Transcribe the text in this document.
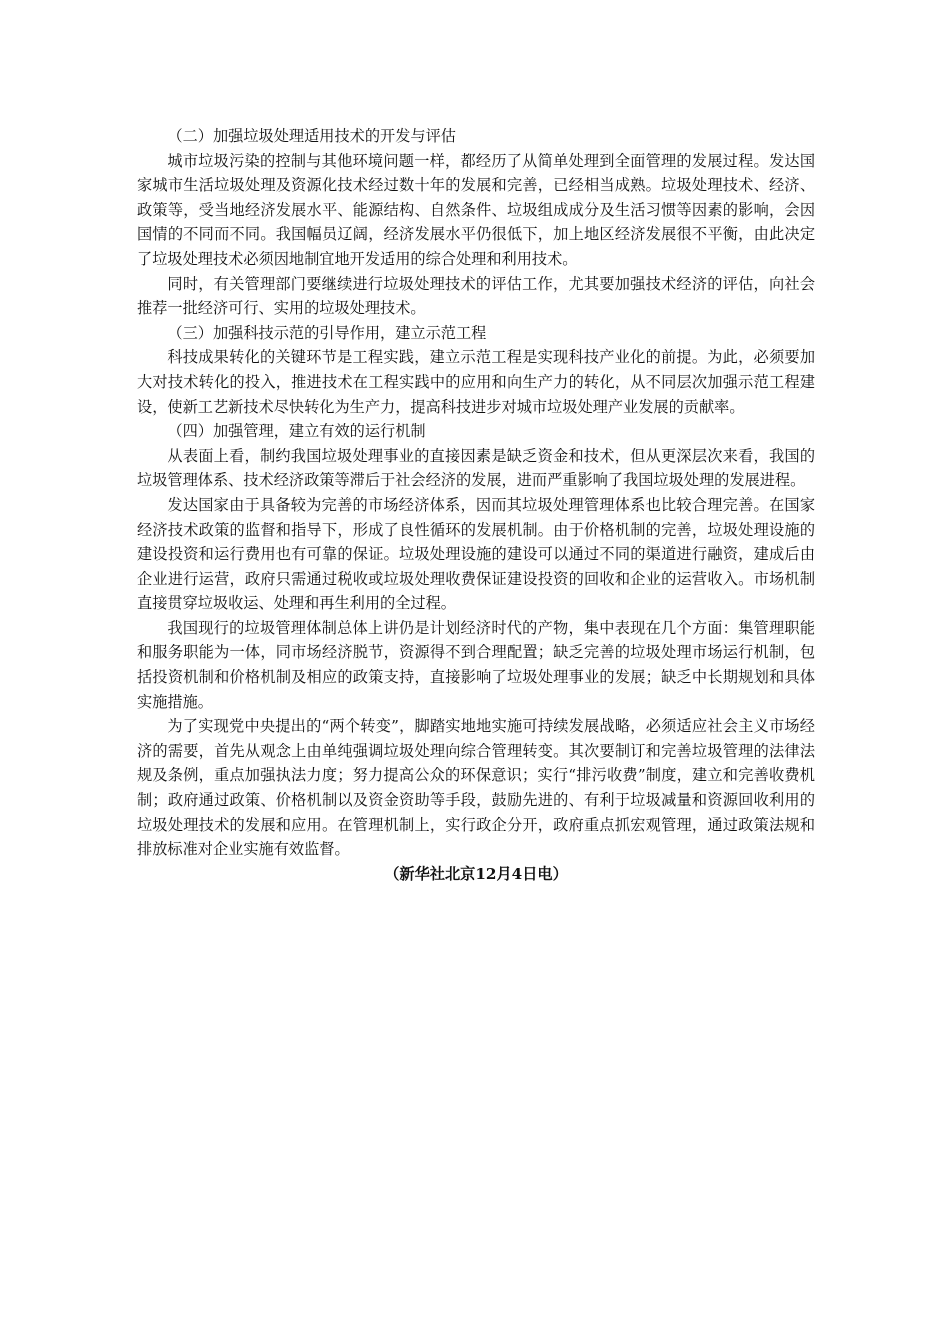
（二）加强垃圾处理适用技术的开发与评估

城市垃圾污染的控制与其他环境问题一样，都经历了从简单处理到全面管理的发展过程。发达国家城市生活垃圾处理及资源化技术经过数十年的发展和完善，已经相当成熟。垃圾处理技术、经济、政策等，受当地经济发展水平、能源结构、自然条件、垃圾组成成分及生活习惯等因素的影响，会因国情的不同而不同。我国幅员辽阔，经济发展水平仍很低下，加上地区经济发展很不平衡，由此决定了垃圾处理技术必须因地制宜地开发适用的综合处理和利用技术。

同时，有关管理部门要继续进行垃圾处理技术的评估工作，尤其要加强技术经济的评估，向社会推荐一批经济可行、实用的垃圾处理技术。

（三）加强科技示范的引导作用，建立示范工程

科技成果转化的关键环节是工程实践，建立示范工程是实现科技产业化的前提。为此，必须要加大对技术转化的投入，推进技术在工程实践中的应用和向生产力的转化，从不同层次加强示范工程建设，使新工艺新技术尽快转化为生产力，提高科技进步对城市垃圾处理产业发展的贡献率。

（四）加强管理，建立有效的运行机制

从表面上看，制约我国垃圾处理事业的直接因素是缺乏资金和技术，但从更深层次来看，我国的垃圾管理体系、技术经济政策等滞后于社会经济的发展，进而严重影响了我国垃圾处理的发展进程。

发达国家由于具备较为完善的市场经济体系，因而其垃圾处理管理体系也比较合理完善。在国家经济技术政策的监督和指导下，形成了良性循环的发展机制。由于价格机制的完善，垃圾处理设施的建设投资和运行费用也有可靠的保证。垃圾处理设施的建设可以通过不同的渠道进行融资，建成后由企业进行运营，政府只需通过税收或垃圾处理收费保证建设投资的回收和企业的运营收入。市场机制直接贯穿垃圾收运、处理和再生利用的全过程。

我国现行的垃圾管理体制总体上讲仍是计划经济时代的产物，集中表现在几个方面：集管理职能和服务职能为一体，同市场经济脱节，资源得不到合理配置；缺乏完善的垃圾处理市场运行机制，包括投资机制和价格机制及相应的政策支持，直接影响了垃圾处理事业的发展；缺乏中长期规划和具体实施措施。

为了实现党中央提出的“两个转变”，脚踏实地地实施可持续发展战略，必须适应社会主义市场经济的需要，首先从观念上由单纯强调垃圾处理向综合管理转变。其次要制订和完善垃圾管理的法律法规及条例，重点加强执法力度；努力提高公众的环保意识；实行“排污收费”制度，建立和完善收费机制；政府通过政策、价格机制以及资金资助等手段，鼓励先进的、有利于垃圾减量和资源回收利用的垃圾处理技术的发展和应用。在管理机制上，实行政企分开，政府重点抓宏观管理，通过政策法规和排放标准对企业实施有效监督。

（新华社北京12月4日电）
